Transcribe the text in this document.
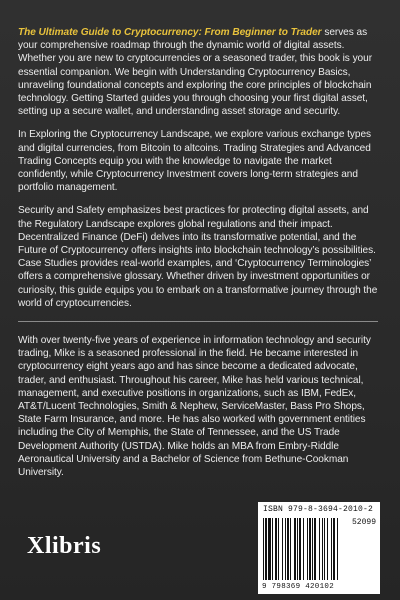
The Ultimate Guide to Cryptocurrency: From Beginner to Trader serves as your comprehensive roadmap through the dynamic world of digital assets. Whether you are new to cryptocurrencies or a seasoned trader, this book is your essential companion. We begin with Understanding Cryptocurrency Basics, unraveling foundational concepts and exploring the core principles of blockchain technology. Getting Started guides you through choosing your first digital asset, setting up a secure wallet, and understanding asset storage and security.

In Exploring the Cryptocurrency Landscape, we explore various exchange types and digital currencies, from Bitcoin to altcoins. Trading Strategies and Advanced Trading Concepts equip you with the knowledge to navigate the market confidently, while Cryptocurrency Investment covers long-term strategies and portfolio management.

Security and Safety emphasizes best practices for protecting digital assets, and the Regulatory Landscape explores global regulations and their impact. Decentralized Finance (DeFi) delves into its transformative potential, and the Future of Cryptocurrency offers insights into blockchain technology’s possibilities. Case Studies provides real-world examples, and ‘Cryptocurrency Terminologies’ offers a comprehensive glossary. Whether driven by investment opportunities or curiosity, this guide equips you to embark on a transformative journey through the world of cryptocurrencies.

With over twenty-five years of experience in information technology and security trading, Mike is a seasoned professional in the field. He became interested in cryptocurrency eight years ago and has since become a dedicated advocate, trader, and enthusiast. Throughout his career, Mike has held various technical, management, and executive positions in organizations, such as IBM, FedEx, AT&T/Lucent Technologies, Smith & Nephew, ServiceMaster, Bass Pro Shops, State Farm Insurance, and more. He has also worked with government entities including the City of Memphis, the State of Tennessee, and the US Trade Development Authority (USTDA). Mike holds an MBA from Embry-Riddle Aeronautical University and a Bachelor of Science from Bethune-Cookman University.

Xlibris
ISBN 979-8-3694-2010-2
52099
9 798369 420102
